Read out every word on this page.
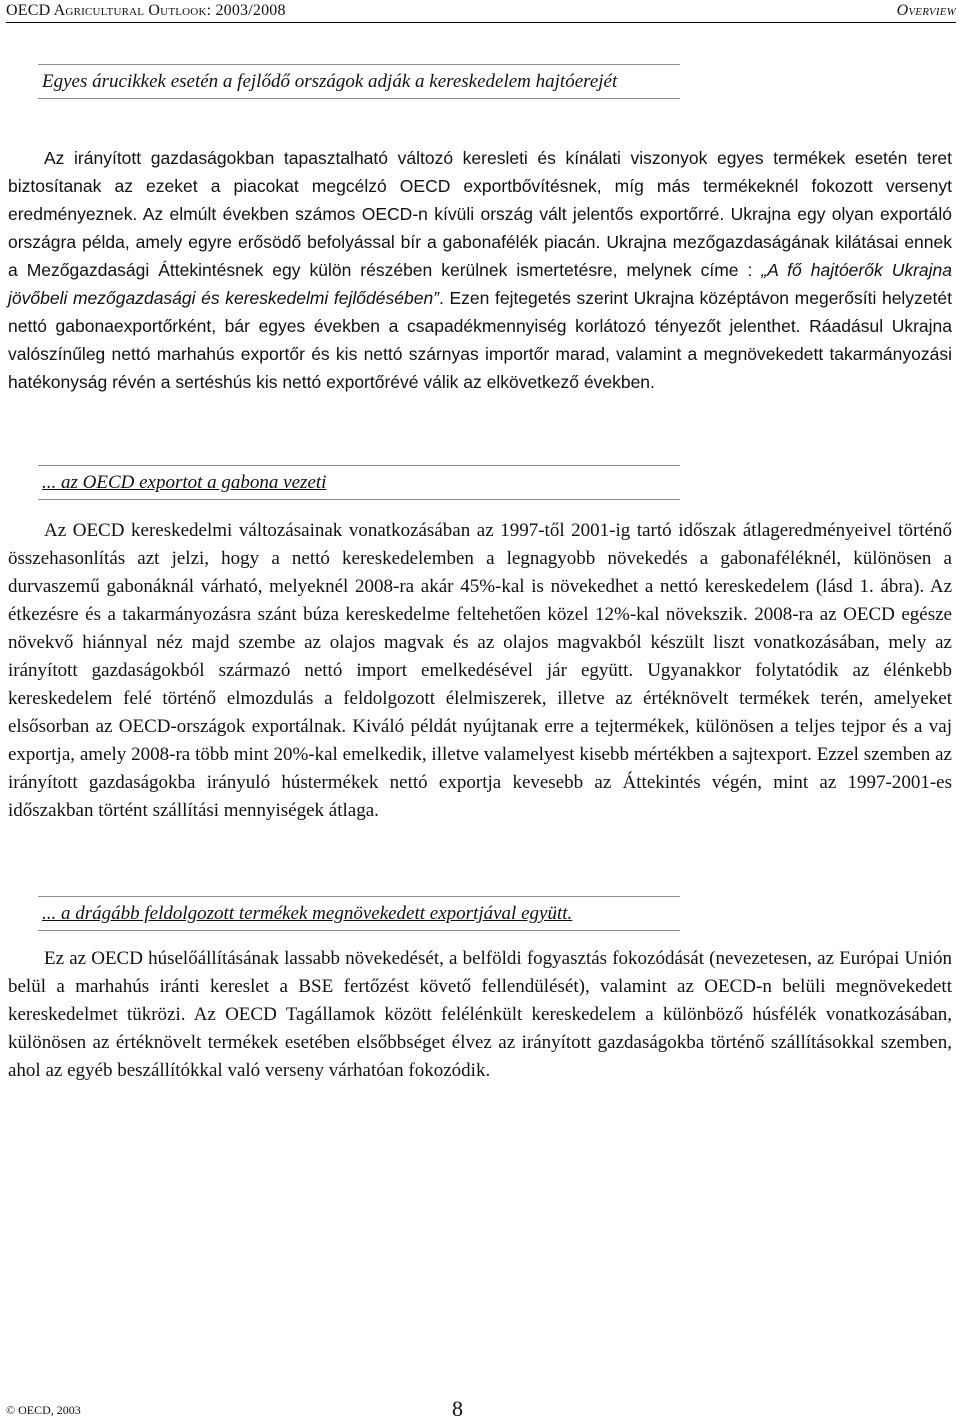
OECD Agricultural Outlook: 2003/2008	Overview
Egyes árucikkek esetén a fejlődő országok adják a kereskedelem hajtóerejét

Az irányított gazdaságokban tapasztalható változó keresleti és kínálati viszonyok egyes termékek esetén teret biztosítanak az ezeket a piacokat megcélzó OECD exportbővítésnek, míg más termékeknél fokozott versenyt eredményeznek. Az elmúlt években számos OECD-n kívüli ország vált jelentős exportőrré. Ukrajna egy olyan exportáló országra példa, amely egyre erősödő befolyással bír a gabonafélék piacán. Ukrajna mezőgazdaságának kilátásai ennek a Mezőgazdasági Áttekintésnek egy külön részében kerülnek ismertetésre, melynek címe : „A fő hajtóerők Ukrajna jövőbeli mezőgazdasági és kereskedelmi fejlődésében”. Ezen fejtegetés szerint Ukrajna középtávon megerősíti helyzetét nettó gabonaexportőrként, bár egyes években a csapadékmennyiség korlátozó tényezőt jelenthet. Ráadásul Ukrajna valószínűleg nettó marhahús exportőr és kis nettó szárnyas importőr marad, valamint a megnövekedett takarmányozási hatékonyság révén a sertéshús kis nettó exportőrévé válik az elkövetkező években.

... az OECD exportot a gabona vezeti

Az OECD kereskedelmi változásainak vonatkozásában az 1997-től 2001-ig tartó időszak átlageredményeivel történő összehasonlítás azt jelzi, hogy a nettó kereskedelemben a legnagyobb növekedés a gabonaféléknél, különösen a durvaszemű gabonáknál várható, melyeknél 2008-ra akár 45%-kal is növekedhet a nettó kereskedelem (lásd 1. ábra). Az étkezésre és a takarmányozásra szánt búza kereskedelme feltehetően közel 12%-kal növekszik. 2008-ra az OECD egésze növekvő hiánnyal néz majd szembe az olajos magvak és az olajos magvakból készült liszt vonatkozásában, mely az irányított gazdaságokból származó nettó import emelkedésével jár együtt. Ugyanakkor folytatódik az élénkebb kereskedelem felé történő elmozdulás a feldolgozott élelmiszerek, illetve az értéknövelt termékek terén, amelyeket elsősorban az OECD-országok exportálnak. Kiváló példát nyújtanak erre a tejtermékek, különösen a teljes tejpor és a vaj exportja, amely 2008-ra több mint 20%-kal emelkedik, illetve valamelyest kisebb mértékben a sajtexport. Ezzel szemben az irányított gazdaságokba irányuló hústermékek nettó exportja kevesebb az Áttekintés végén, mint az 1997-2001-es időszakban történt szállítási mennyiségek átlaga.

... a drágább feldolgozott termékek megnövekedett exportjával együtt.

Ez az OECD húselőállításának lassabb növekedését, a belföldi fogyasztás fokozódását (nevezetesen, az Európai Unión belül a marhahús iránti kereslet a BSE fertőzést követő fellendülését), valamint az OECD-n belüli megnövekedett kereskedelmet tükrözi. Az OECD Tagállamok között felélénkült kereskedelem a különböző húsfélék vonatkozásában, különösen az értéknövelt termékek esetében elsőbbséget élvez az irányított gazdaságokba történő szállításokkal szemben, ahol az egyéb beszállítókkal való verseny várhatóan fokozódik.

© OECD, 2003	8
